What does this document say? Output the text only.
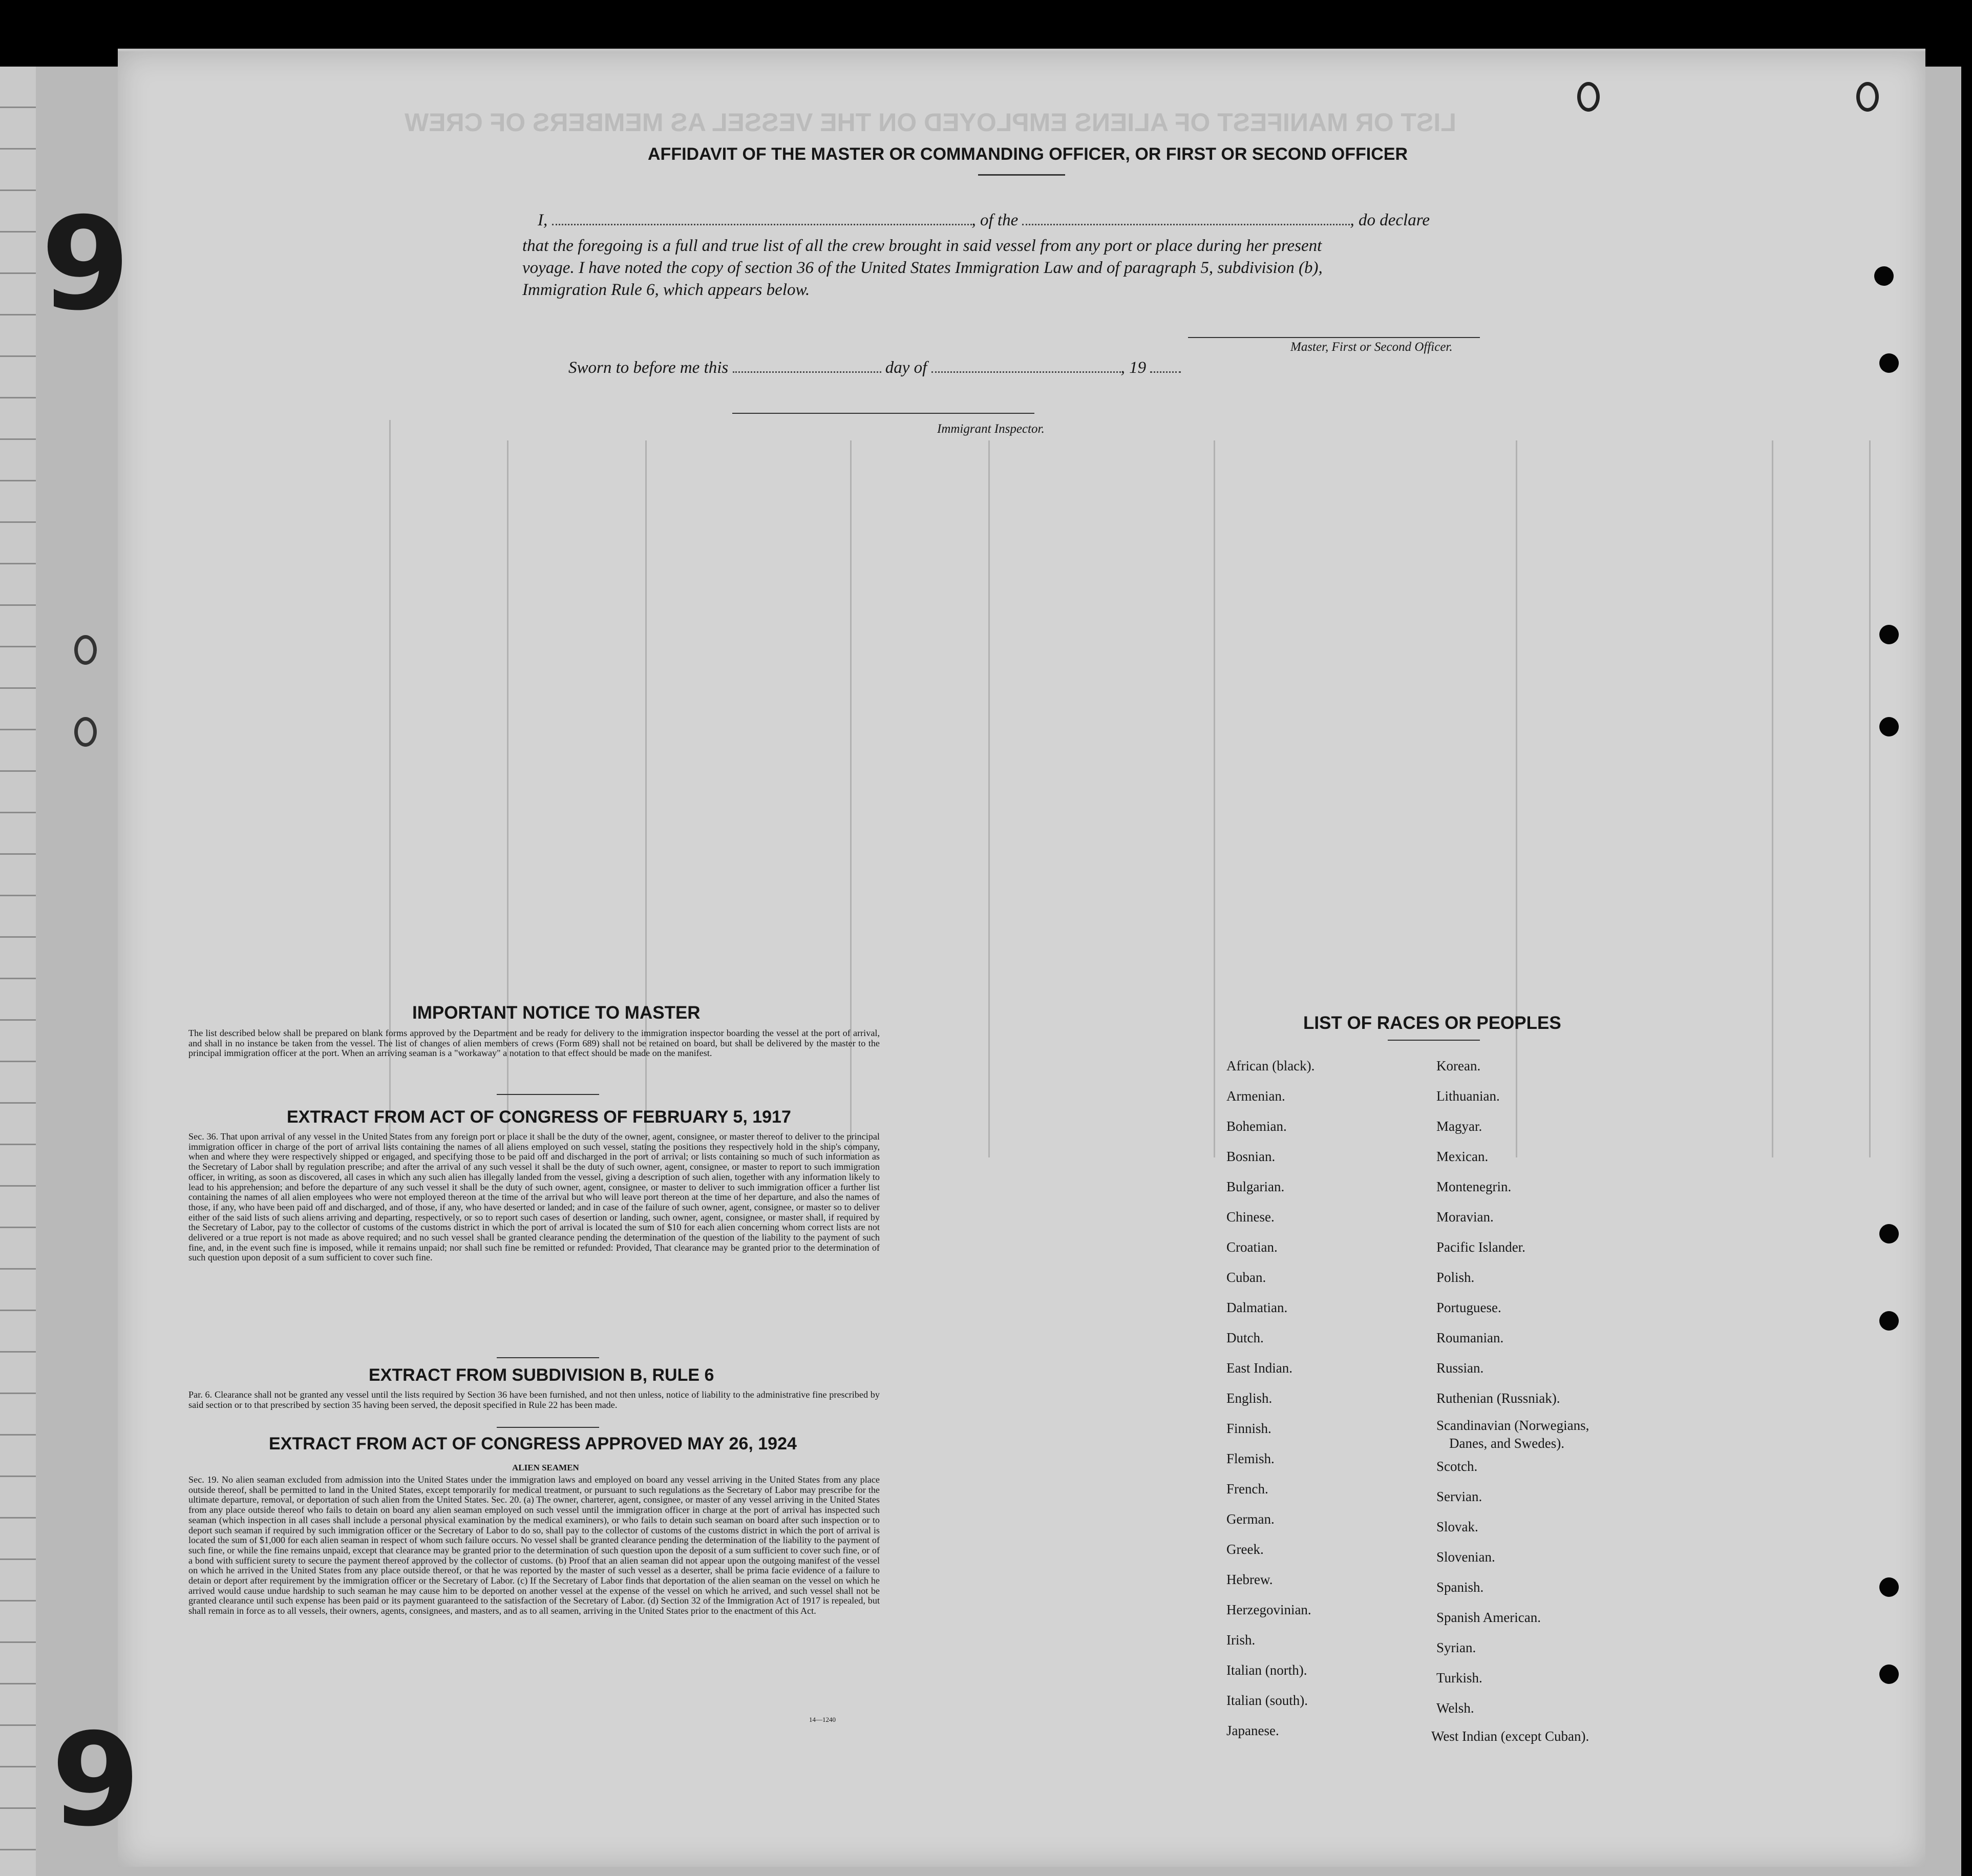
LIST OR MANIFEST OF ALIENS EMPLOYED ON THE VESSEL AS MEMBERS OF CREW
AFFIDAVIT OF THE MASTER OR COMMANDING OFFICER, OR FIRST OR SECOND OFFICER
I,	, of the	, do declare
that the foregoing is a full and true list of all the crew brought in said vessel from any port or place during her present
voyage. I have noted the copy of section 36 of the United States Immigration Law and of paragraph 5, subdivision (b),
Immigration Rule 6, which appears below.
Master, First or Second Officer.
Sworn to before me this	day of	, 19
Immigrant Inspector.
9
9
IMPORTANT NOTICE TO MASTER
The list described below shall be prepared on blank forms approved by the Department and be ready for delivery to the immigration inspector boarding the vessel at the port of arrival, and shall in no instance be taken from the vessel. The list of changes of alien members of crews (Form 689) shall not be retained on board, but shall be delivered by the master to the principal immigration officer at the port. When an arriving seaman is a "workaway" a notation to that effect should be made on the manifest.
EXTRACT FROM ACT OF CONGRESS OF FEBRUARY 5, 1917
Sec. 36. That upon arrival of any vessel in the United States from any foreign port or place it shall be the duty of the owner, agent, consignee, or master thereof to deliver to the principal immigration officer in charge of the port of arrival lists containing the names of all aliens employed on such vessel, stating the positions they respectively hold in the ship's company, when and where they were respectively shipped or engaged, and specifying those to be paid off and discharged in the port of arrival; or lists containing so much of such information as the Secretary of Labor shall by regulation prescribe; and after the arrival of any such vessel it shall be the duty of such owner, agent, consignee, or master to report to such immigration officer, in writing, as soon as discovered, all cases in which any such alien has illegally landed from the vessel, giving a description of such alien, together with any information likely to lead to his apprehension; and before the departure of any such vessel it shall be the duty of such owner, agent, consignee, or master to deliver to such immigration officer a further list containing the names of all alien employees who were not employed thereon at the time of the arrival but who will leave port thereon at the time of her departure, and also the names of those, if any, who have been paid off and discharged, and of those, if any, who have deserted or landed; and in case of the failure of such owner, agent, consignee, or master so to deliver either of the said lists of such aliens arriving and departing, respectively, or so to report such cases of desertion or landing, such owner, agent, consignee, or master shall, if required by the Secretary of Labor, pay to the collector of customs of the customs district in which the port of arrival is located the sum of $10 for each alien concerning whom correct lists are not delivered or a true report is not made as above required; and no such vessel shall be granted clearance pending the determination of the question of the liability to the payment of such fine, and, in the event such fine is imposed, while it remains unpaid; nor shall such fine be remitted or refunded: Provided, That clearance may be granted prior to the determination of such question upon deposit of a sum sufficient to cover such fine.
EXTRACT FROM SUBDIVISION B, RULE 6
Par. 6. Clearance shall not be granted any vessel until the lists required by Section 36 have been furnished, and not then unless, notice of liability to the administrative fine prescribed by said section or to that prescribed by section 35 having been served, the deposit specified in Rule 22 has been made.
EXTRACT FROM ACT OF CONGRESS APPROVED MAY 26, 1924
ALIEN SEAMEN
Sec. 19. No alien seaman excluded from admission into the United States under the immigration laws and employed on board any vessel arriving in the United States from any place outside thereof, shall be permitted to land in the United States, except temporarily for medical treatment, or pursuant to such regulations as the Secretary of Labor may prescribe for the ultimate departure, removal, or deportation of such alien from the United States. Sec. 20. (a) The owner, charterer, agent, consignee, or master of any vessel arriving in the United States from any place outside thereof who fails to detain on board any alien seaman employed on such vessel until the immigration officer in charge at the port of arrival has inspected such seaman (which inspection in all cases shall include a personal physical examination by the medical examiners), or who fails to detain such seaman on board after such inspection or to deport such seaman if required by such immigration officer or the Secretary of Labor to do so, shall pay to the collector of customs of the customs district in which the port of arrival is located the sum of $1,000 for each alien seaman in respect of whom such failure occurs. No vessel shall be granted clearance pending the determination of the liability to the payment of such fine, or while the fine remains unpaid, except that clearance may be granted prior to the determination of such question upon the deposit of a sum sufficient to cover such fine, or of a bond with sufficient surety to secure the payment thereof approved by the collector of customs. (b) Proof that an alien seaman did not appear upon the outgoing manifest of the vessel on which he arrived in the United States from any place outside thereof, or that he was reported by the master of such vessel as a deserter, shall be prima facie evidence of a failure to detain or deport after requirement by the immigration officer or the Secretary of Labor. (c) If the Secretary of Labor finds that deportation of the alien seaman on the vessel on which he arrived would cause undue hardship to such seaman he may cause him to be deported on another vessel at the expense of the vessel on which he arrived, and such vessel shall not be granted clearance until such expense has been paid or its payment guaranteed to the satisfaction of the Secretary of Labor. (d) Section 32 of the Immigration Act of 1917 is repealed, but shall remain in force as to all vessels, their owners, agents, consignees, and masters, and as to all seamen, arriving in the United States prior to the enactment of this Act.
14—1240
LIST OF RACES OR PEOPLES
African (black).
Armenian.
Bohemian.
Bosnian.
Bulgarian.
Chinese.
Croatian.
Cuban.
Dalmatian.
Dutch.
East Indian.
English.
Finnish.
Flemish.
French.
German.
Greek.
Hebrew.
Herzegovinian.
Irish.
Italian (north).
Italian (south).
Japanese.
Korean.
Lithuanian.
Magyar.
Mexican.
Montenegrin.
Moravian.
Pacific Islander.
Polish.
Portuguese.
Roumanian.
Russian.
Ruthenian (Russniak).
Scandinavian (Norwegians,
Danes, and Swedes).
Scotch.
Servian.
Slovak.
Slovenian.
Spanish.
Spanish American.
Syrian.
Turkish.
Welsh.
West Indian (except Cuban).
